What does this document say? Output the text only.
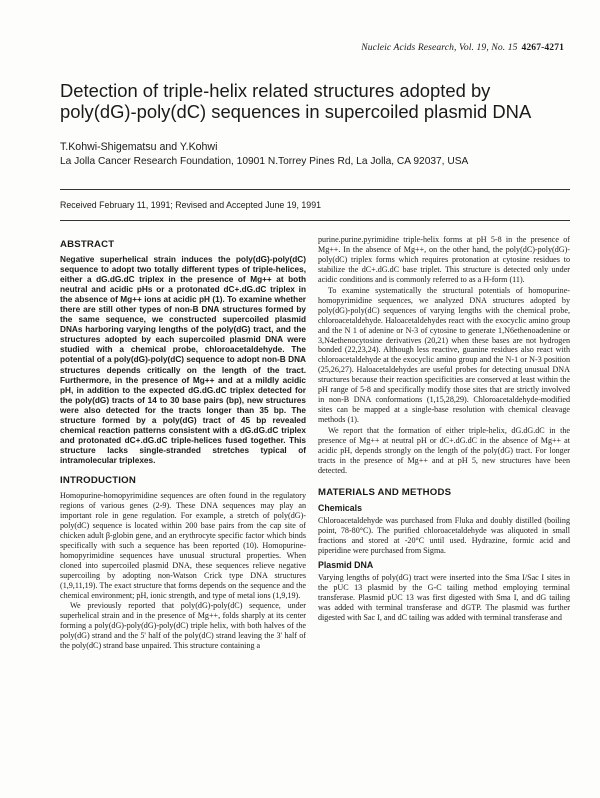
Nucleic Acids Research, Vol. 19, No. 15 4267-4271
Detection of triple-helix related structures adopted by poly(dG)-poly(dC) sequences in supercoiled plasmid DNA
T.Kohwi-Shigematsu and Y.Kohwi
La Jolla Cancer Research Foundation, 10901 N.Torrey Pines Rd, La Jolla, CA 92037, USA
Received February 11, 1991; Revised and Accepted June 19, 1991
ABSTRACT

Negative superhelical strain induces the poly(dG)-poly(dC) sequence to adopt two totally different types of triple-helices, either a dG.dG.dC triplex in the presence of Mg++ at both neutral and acidic pHs or a protonated dC+.dG.dC triplex in the absence of Mg++ ions at acidic pH (1). To examine whether there are still other types of non-B DNA structures formed by the same sequence, we constructed supercoiled plasmid DNAs harboring varying lengths of the poly(dG) tract, and the structures adopted by each supercoiled plasmid DNA were studied with a chemical probe, chloroacetaldehyde. The potential of a poly(dG)-poly(dC) sequence to adopt non-B DNA structures depends critically on the length of the tract. Furthermore, in the presence of Mg++ and at a mildly acidic pH, in addition to the expected dG.dG.dC triplex detected for the poly(dG) tracts of 14 to 30 base pairs (bp), new structures were also detected for the tracts longer than 35 bp. The structure formed by a poly(dG) tract of 45 bp revealed chemical reaction patterns consistent with a dG.dG.dC triplex and protonated dC+.dG.dC triple-helices fused together. This structure lacks single-stranded stretches typical of intramolecular triplexes.

INTRODUCTION

Homopurine-homopyrimidine sequences are often found in the regulatory regions of various genes (2-9). These DNA sequences may play an important role in gene regulation. For example, a stretch of poly(dG)-poly(dC) sequence is located within 200 base pairs from the cap site of chicken adult β-globin gene, and an erythrocyte specific factor which binds specifically with such a sequence has been reported (10). Homopurine-homopyrimidine sequences have unusual structural properties. When cloned into supercoiled plasmid DNA, these sequences relieve negative supercoiling by adopting non-Watson Crick type DNA structures (1,9,11,19). The exact structure that forms depends on the sequence and the chemical environment; pH, ionic strength, and type of metal ions (1,9,19).

We previously reported that poly(dG)-poly(dC) sequence, under superhelical strain and in the presence of Mg++, folds sharply at its center forming a poly(dG)-poly(dG)-poly(dC) triple helix, with both halves of the poly(dG) strand and the 5' half of the poly(dC) strand leaving the 3' half of the poly(dC) strand base unpaired. This structure containing a

purine.purine.pyrimidine triple-helix forms at pH 5-8 in the presence of Mg++. In the absence of Mg++, on the other hand, the poly(dC)-poly(dG)-poly(dC) triplex forms which requires protonation at cytosine residues to stabilize the dC+.dG.dC base triplet. This structure is detected only under acidic conditions and is commonly referred to as a H-form (11).

To examine systematically the structural potentials of homopurine-homopyrimidine sequences, we analyzed DNA structures adopted by poly(dG)-poly(dC) sequences of varying lengths with the chemical probe, chloroacetaldehyde. Haloacetaldehydes react with the exocyclic amino group and the N 1 of adenine or N-3 of cytosine to generate 1,N6ethenoadenine or 3,N4ethenocytosine derivatives (20,21) when these bases are not hydrogen bonded (22,23,24). Although less reactive, guanine residues also react with chloroacetaldehyde at the exocyclic amino group and the N-1 or N-3 position (25,26,27). Haloacetaldehydes are useful probes for detecting unusual DNA structures because their reaction specificities are conserved at least within the pH range of 5-8 and specifically modify those sites that are strictly involved in non-B DNA conformations (1,15,28,29). Chloroacetaldehyde-modified sites can be mapped at a single-base resolution with chemical cleavage methods (1).

We report that the formation of either triple-helix, dG.dG.dC in the presence of Mg++ at neutral pH or dC+.dG.dC in the absence of Mg++ at acidic pH, depends strongly on the length of the poly(dG) tract. For longer tracts in the presence of Mg++ and at pH 5, new structures have been detected.

MATERIALS AND METHODS
Chemicals

Chloroacetaldehyde was purchased from Fluka and doubly distilled (boiling point, 78-80°C). The purified chloroacetaldehyde was aliquoted in small fractions and stored at -20°C until used. Hydrazine, formic acid and piperidine were purchased from Sigma.

Plasmid DNA

Varying lengths of poly(dG) tract were inserted into the Sma I/Sac I sites in the pUC 13 plasmid by the G-C tailing method employing terminal transferase. Plasmid pUC 13 was first digested with Sma I, and dG tailing was added with terminal transferase and dGTP. The plasmid was further digested with Sac I, and dC tailing was added with terminal transferase and
